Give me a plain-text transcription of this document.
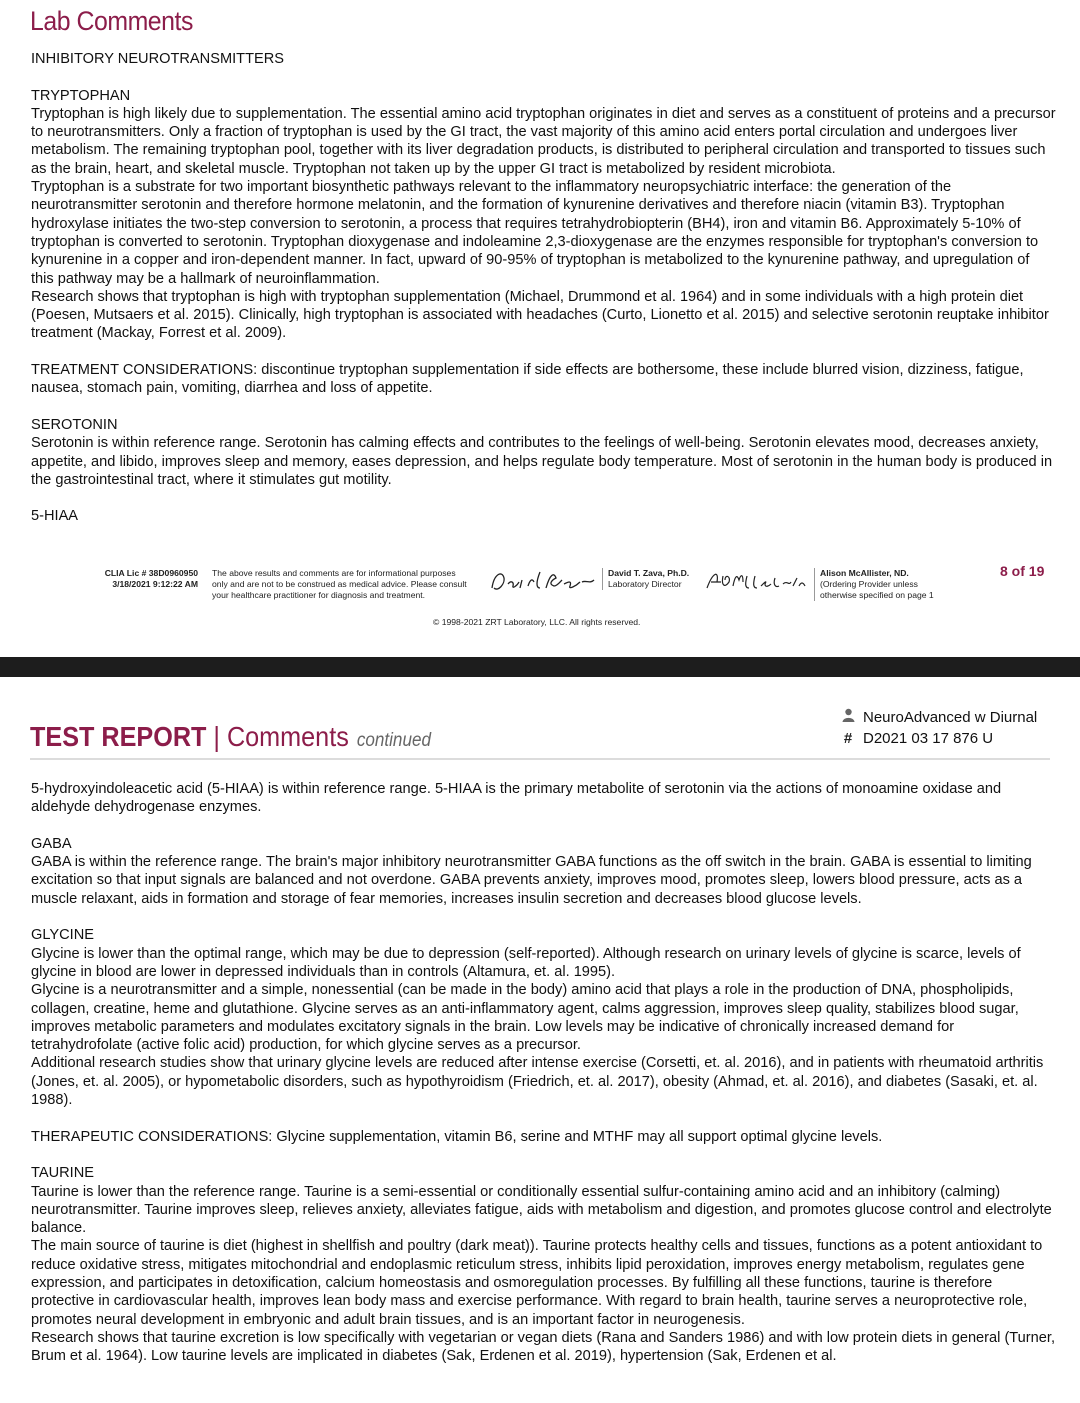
Lab Comments

INHIBITORY NEUROTRANSMITTERS

TRYPTOPHAN

Tryptophan is high likely due to supplementation. The essential amino acid tryptophan originates in diet and serves as a constituent of proteins and a precursor to neurotransmitters. Only a fraction of tryptophan is used by the GI tract, the vast majority of this amino acid enters portal circulation and undergoes liver metabolism. The remaining tryptophan pool, together with its liver degradation products, is distributed to peripheral circulation and transported to tissues such as the brain, heart, and skeletal muscle. Tryptophan not taken up by the upper GI tract is metabolized by resident microbiota.

Tryptophan is a substrate for two important biosynthetic pathways relevant to the inflammatory neuropsychiatric interface: the generation of the neurotransmitter serotonin and therefore hormone melatonin, and the formation of kynurenine derivatives and therefore niacin (vitamin B3). Tryptophan hydroxylase initiates the two-step conversion to serotonin, a process that requires tetrahydrobiopterin (BH4), iron and vitamin B6. Approximately 5-10% of tryptophan is converted to serotonin. Tryptophan dioxygenase and indoleamine 2,3-dioxygenase are the enzymes responsible for tryptophan's conversion to kynurenine in a copper and iron-dependent manner. In fact, upward of 90-95% of tryptophan is metabolized to the kynurenine pathway, and upregulation of this pathway may be a hallmark of neuroinflammation.

Research shows that tryptophan is high with tryptophan supplementation (Michael, Drummond et al. 1964) and in some individuals with a high protein diet (Poesen, Mutsaers et al. 2015). Clinically, high tryptophan is associated with headaches (Curto, Lionetto et al. 2015) and selective serotonin reuptake inhibitor treatment (Mackay, Forrest et al. 2009).

TREATMENT CONSIDERATIONS: discontinue tryptophan supplementation if side effects are bothersome, these include blurred vision, dizziness, fatigue, nausea, stomach pain, vomiting, diarrhea and loss of appetite.

SEROTONIN

Serotonin is within reference range. Serotonin has calming effects and contributes to the feelings of well-being. Serotonin elevates mood, decreases anxiety, appetite, and libido, improves sleep and memory, eases depression, and helps regulate body temperature. Most of serotonin in the human body is produced in the gastrointestinal tract, where it stimulates gut motility.

5-HIAA

CLIA Lic # 38D0960950
3/18/2021 9:12:22 AM
The above results and comments are for informational purposes only and are not to be construed as medical advice. Please consult your healthcare practitioner for diagnosis and treatment.
David T. Zava, Ph.D.
Laboratory Director
Alison McAllister, ND.
(Ordering Provider unless otherwise specified on page 1
8 of 19
© 1998-2021 ZRT Laboratory, LLC. All rights reserved.
TEST REPORT | Comments continued
NeuroAdvanced w Diurnal
# D2021 03 17 876 U

5-hydroxyindoleacetic acid (5-HIAA) is within reference range. 5-HIAA is the primary metabolite of serotonin via the actions of monoamine oxidase and aldehyde dehydrogenase enzymes.

GABA

GABA is within the reference range. The brain's major inhibitory neurotransmitter GABA functions as the off switch in the brain. GABA is essential to limiting excitation so that input signals are balanced and not overdone. GABA prevents anxiety, improves mood, promotes sleep, lowers blood pressure, acts as a muscle relaxant, aids in formation and storage of fear memories, increases insulin secretion and decreases blood glucose levels.

GLYCINE

Glycine is lower than the optimal range, which may be due to depression (self-reported). Although research on urinary levels of glycine is scarce, levels of glycine in blood are lower in depressed individuals than in controls (Altamura, et. al. 1995).

Glycine is a neurotransmitter and a simple, nonessential (can be made in the body) amino acid that plays a role in the production of DNA, phospholipids, collagen, creatine, heme and glutathione. Glycine serves as an anti-inflammatory agent, calms aggression, improves sleep quality, stabilizes blood sugar, improves metabolic parameters and modulates excitatory signals in the brain. Low levels may be indicative of chronically increased demand for tetrahydrofolate (active folic acid) production, for which glycine serves as a precursor.

Additional research studies show that urinary glycine levels are reduced after intense exercise (Corsetti, et. al. 2016), and in patients with rheumatoid arthritis (Jones, et. al. 2005), or hypometabolic disorders, such as hypothyroidism (Friedrich, et. al. 2017), obesity (Ahmad, et. al. 2016), and diabetes (Sasaki, et. al. 1988).

THERAPEUTIC CONSIDERATIONS: Glycine supplementation, vitamin B6, serine and MTHF may all support optimal glycine levels.

TAURINE

Taurine is lower than the reference range. Taurine is a semi-essential or conditionally essential sulfur-containing amino acid and an inhibitory (calming) neurotransmitter. Taurine improves sleep, relieves anxiety, alleviates fatigue, aids with metabolism and digestion, and promotes glucose control and electrolyte balance.

The main source of taurine is diet (highest in shellfish and poultry (dark meat)). Taurine protects healthy cells and tissues, functions as a potent antioxidant to reduce oxidative stress, mitigates mitochondrial and endoplasmic reticulum stress, inhibits lipid peroxidation, improves energy metabolism, regulates gene expression, and participates in detoxification, calcium homeostasis and osmoregulation processes. By fulfilling all these functions, taurine is therefore protective in cardiovascular health, improves lean body mass and exercise performance. With regard to brain health, taurine serves a neuroprotective role, promotes neural development in embryonic and adult brain tissues, and is an important factor in neurogenesis.

Research shows that taurine excretion is low specifically with vegetarian or vegan diets (Rana and Sanders 1986) and with low protein diets in general (Turner, Brum et al. 1964). Low taurine levels are implicated in diabetes (Sak, Erdenen et al. 2019), hypertension (Sak, Erdenen et al.
